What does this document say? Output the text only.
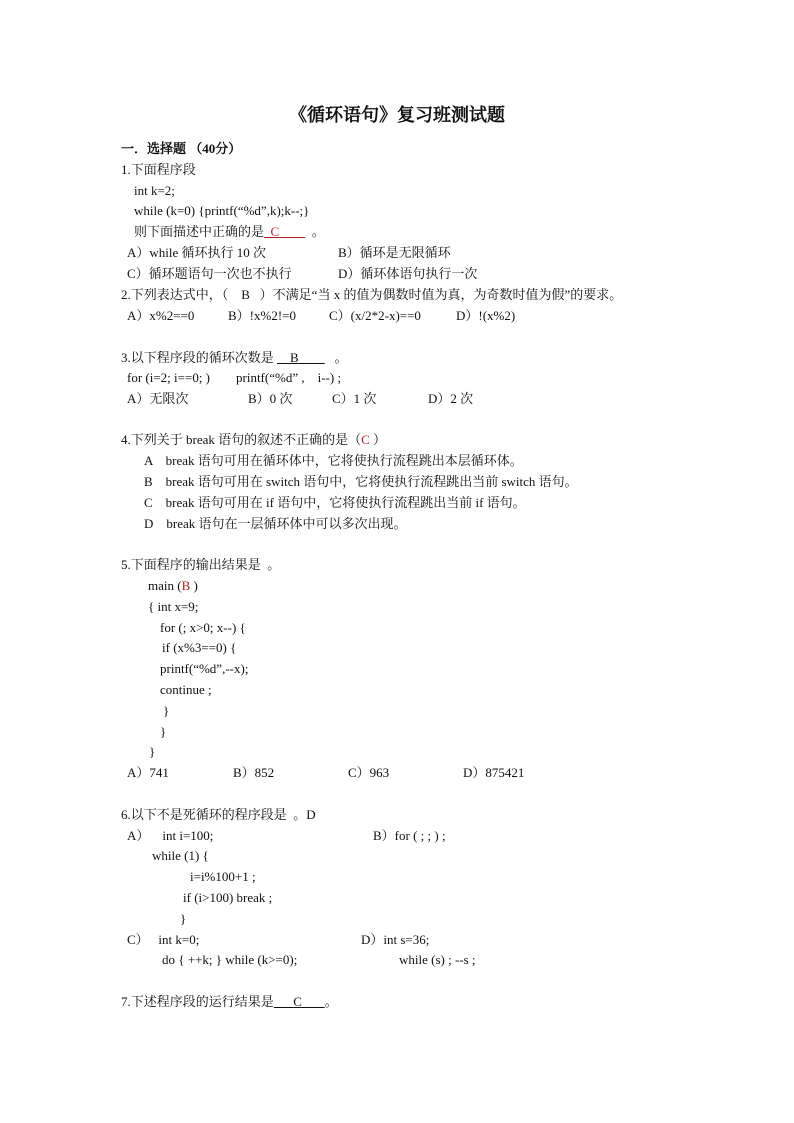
《循环语句》复习班测试题
一．选择题 （40分）
1.下面程序段
int k=2;
while (k=0) {printf(“%d”,k);k--;}
则下面描述中正确的是 C	。
A）while 循环执行 10 次	B）循环是无限循环
C）循环题语句一次也不执行	D）循环体语句执行一次
2.下列表达式中，（    B   ）不满足“当 x 的值为偶数时值为真，为奇数时值为假”的要求。
A）x%2==0	B）!x%2!=0	C）(x/2*2-x)==0	D）!(x%2)
3.以下程序段的循环次数是 B	。
for (i=2; i==0; )        printf(“%d” ,    i--) ;
A）无限次	B）0 次	C）1 次	D）2 次
4.下列关于 break 语句的叙述不正确的是（C ）
A    break 语句可用在循环体中，它将使执行流程跳出本层循环体。
B    break 语句可用在 switch 语句中，它将使执行流程跳出当前 switch 语句。
C    break 语句可用在 if 语句中，它将使执行流程跳出当前 if 语句。
D    break 语句在一层循环体中可以多次出现。
5.下面程序的输出结果是  。
main (B )
{ int x=9;
for (; x>0; x--) {
if (x%3==0) {
printf(“%d”,--x);
continue ;
}
}
}
A）741	B）852	C）963	D）875421
6.以下不是死循环的程序段是  。D
A）    int i=100;	B）for ( ; ; ) ;
while (1) {
i=i%100+1 ;
if (i>100) break ;
}
C）   int k=0;	D）int s=36;
do { ++k; } while (k>=0);	while (s) ; --s ;
7.下述程序段的运行结果是 C 。
